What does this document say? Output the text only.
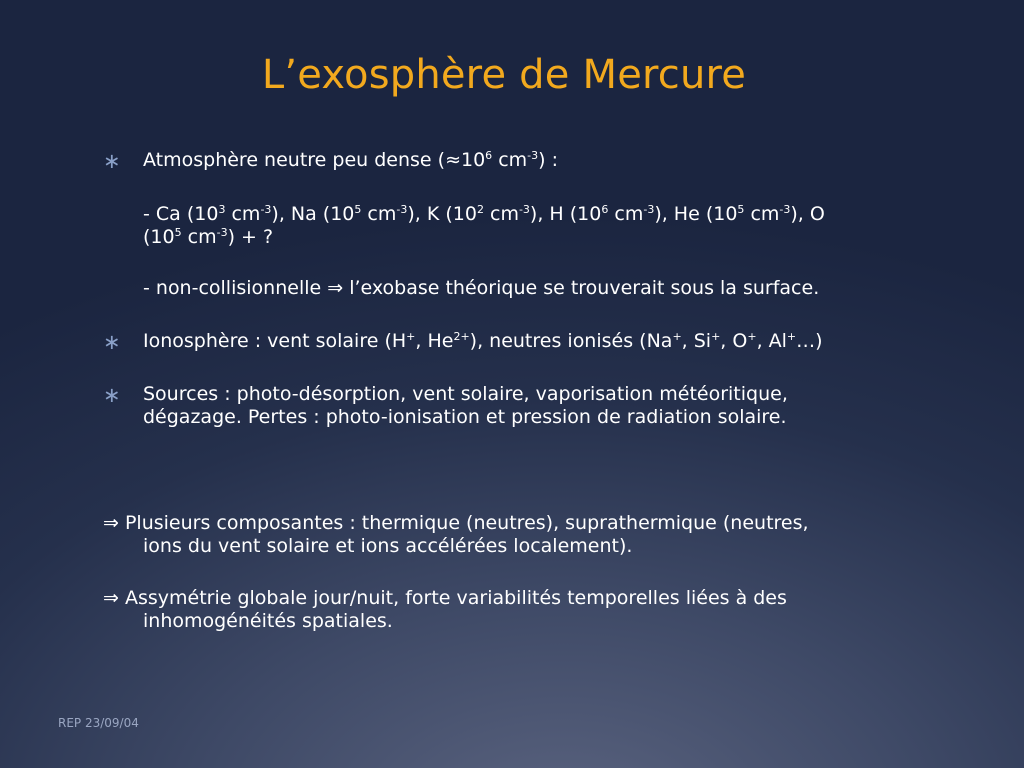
L’exosphère de Mercure
∗ Atmosphère neutre peu dense ($\approx 10^6$ $cm^{-3}$) :
- Ca ($10^3$ $cm^{-3}$), Na ($10^5$ $cm^{-3}$), K ($10^2$ $cm^{-3}$), H ($10^6$ $cm^{-3}$), He ($10^5$ $cm^{-3}$), O
($10^5$ $cm^{-3}$) + ?
- non-collisionnelle ⇒ l’exobase théorique se trouverait sous la surface.
∗ Ionosphère : vent solaire (H+, $He^{2+}$), neutres ionisés (Na+, Si+, O+, Al+…)
∗ Sources : photo-désorption, vent solaire, vaporisation météoritique,
dégazage. Pertes : photo-ionisation et pression de radiation solaire.
⇒ Plusieurs composantes : thermique (neutres), suprathermique (neutres,
ions du vent solaire et ions accélérées localement).
⇒ Assymétrie globale jour/nuit, forte variabilités temporelles liées à des
inhomogénéités spatiales.
REP 23/09/04
